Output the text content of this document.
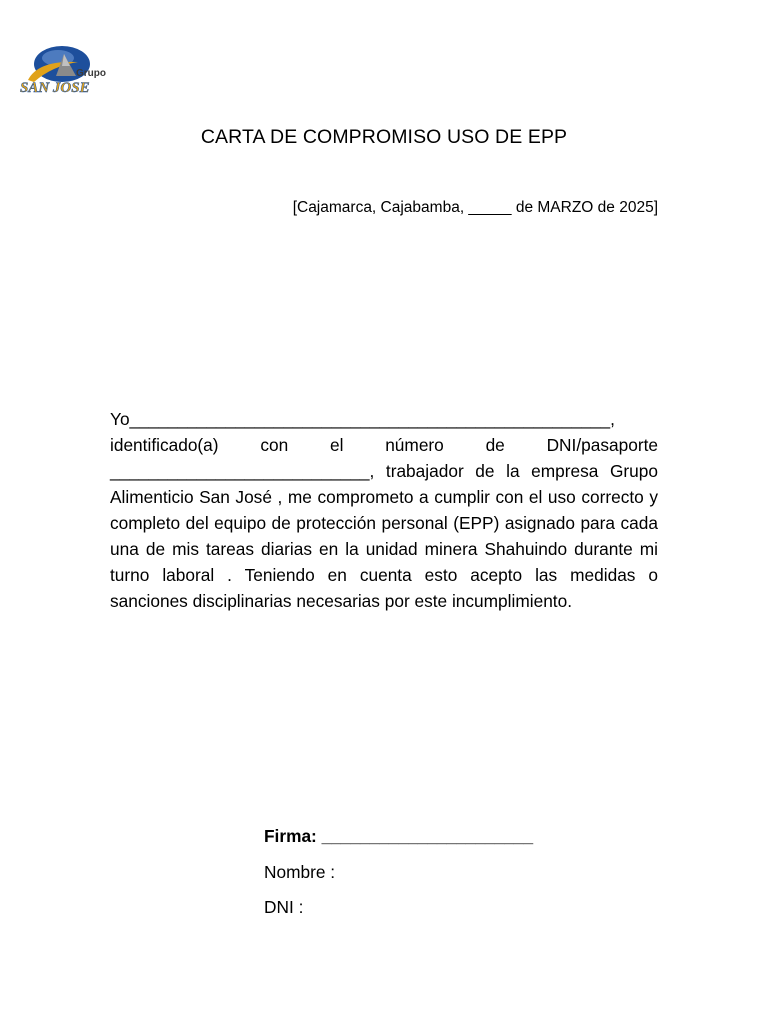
Grupo
SAN JOSE
CARTA DE COMPROMISO USO DE EPP
[Cajamarca, Cajabamba, _____ de MARZO de 2025]

Yo__________________________________________________, identificado(a) con el número de DNI/pasaporte ___________________________, trabajador de la empresa Grupo Alimenticio San José , me comprometo a cumplir con el uso correcto y completo del equipo de protección personal (EPP) asignado para cada una de mis tareas diarias en la unidad minera Shahuindo durante mi turno laboral . Teniendo en cuenta esto acepto las medidas o sanciones disciplinarias necesarias por este incumplimiento.

Firma: ______________________
Nombre :
DNI :
